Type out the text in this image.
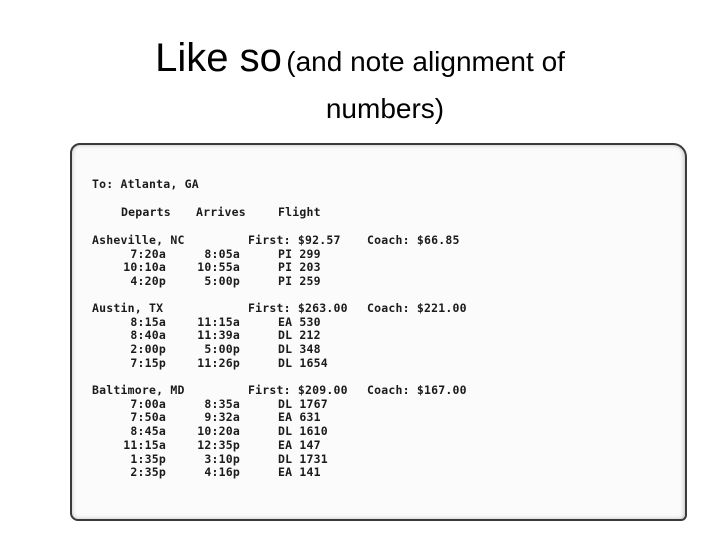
Like so (and note alignment of
numbers)
To: Atlanta, GA
Departs Arrives	Flight
Asheville, NC	First: $92.57 Coach: $66.85
7:20a	8:05a	PI 299
10:10a	10:55a	PI 203
4:20p	5:00p	PI 259
Austin, TX	First: $263.00 Coach: $221.00
8:15a	11:15a	EA 530
8:40a	11:39a	DL 212
2:00p	5:00p	DL 348
7:15p	11:26p	DL 1654
Baltimore, MD	First: $209.00 Coach: $167.00
7:00a	8:35a	DL 1767
7:50a	9:32a	EA 631
8:45a	10:20a	DL 1610
11:15a	12:35p	EA 147
1:35p	3:10p	DL 1731
2:35p	4:16p	EA 141
